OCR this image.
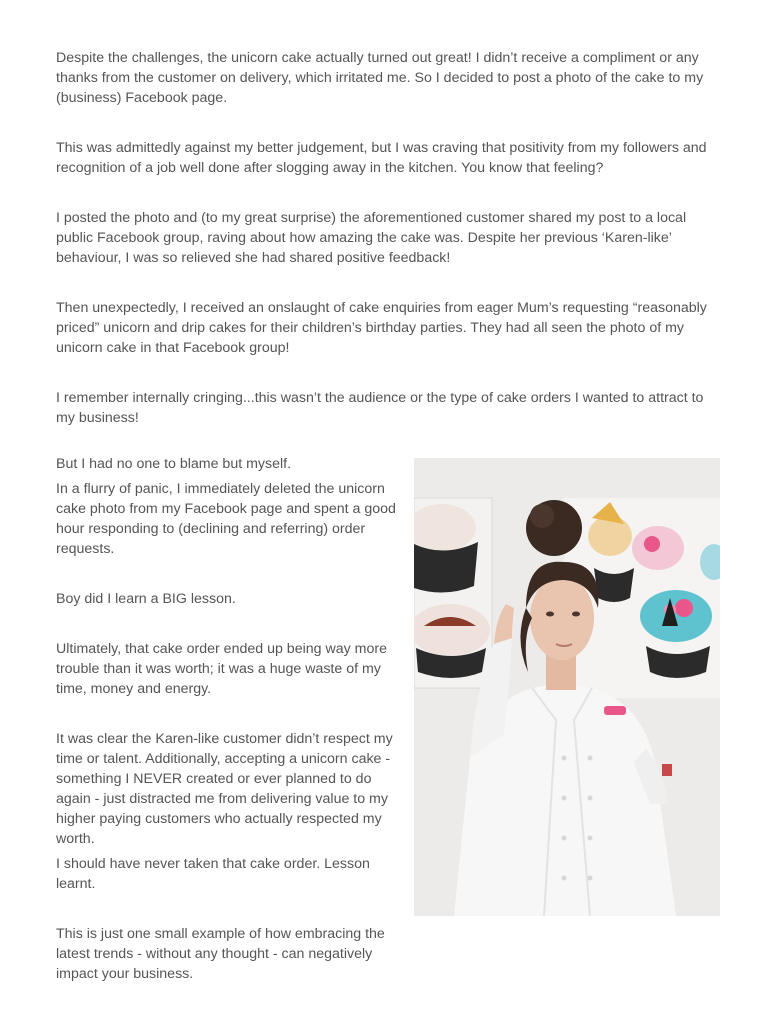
Despite the challenges, the unicorn cake actually turned out great! I didn’t receive a compliment or any thanks from the customer on delivery, which irritated me. So I decided to post a photo of the cake to my (business) Facebook page.

This was admittedly against my better judgement, but I was craving that positivity from my followers and recognition of a job well done after slogging away in the kitchen. You know that feeling?

I posted the photo and (to my great surprise) the aforementioned customer shared my post to a local public Facebook group, raving about how amazing the cake was. Despite her previous ‘Karen-like’ behaviour, I was so relieved she had shared positive feedback!

Then unexpectedly, I received an onslaught of cake enquiries from eager Mum’s requesting “reasonably priced” unicorn and drip cakes for their children’s birthday parties. They had all seen the photo of my unicorn cake in that Facebook group!

I remember internally cringing...this wasn’t the audience or the type of cake orders I wanted to attract to my business!

But I had no one to blame but myself.

In a flurry of panic, I immediately deleted the unicorn cake photo from my Facebook page and spent a good hour responding to (declining and referring) order requests.

Boy did I learn a BIG lesson.

Ultimately, that cake order ended up being way more trouble than it was worth; it was a huge waste of my time, money and energy.

It was clear the Karen-like customer didn’t respect my time or talent. Additionally, accepting a unicorn cake - something I NEVER created or ever planned to do again - just distracted me from delivering value to my higher paying customers who actually respected my worth.

I should have never taken that cake order. Lesson learnt.

This is just one small example of how embracing the latest trends - without any thought - can negatively impact your business.
